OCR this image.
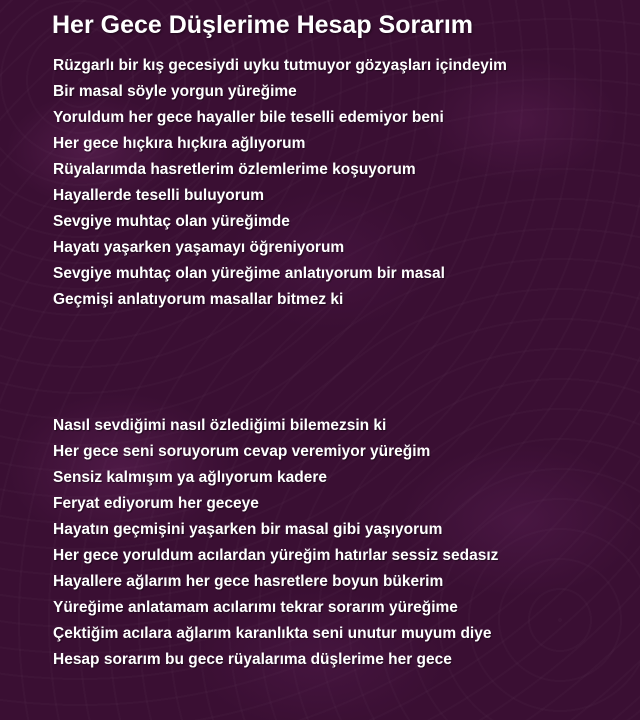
Her Gece Düşlerime Hesap Sorarım
Rüzgarlı bir kış gecesiydi uyku tutmuyor gözyaşları içindeyim
Bir masal söyle yorgun yüreğime
Yoruldum her gece hayaller bile teselli edemiyor beni
Her gece hıçkıra hıçkıra ağlıyorum
Rüyalarımda hasretlerim özlemlerime koşuyorum
Hayallerde teselli buluyorum
Sevgiye muhtaç olan yüreğimde
Hayatı yaşarken yaşamayı öğreniyorum
Sevgiye muhtaç olan yüreğime anlatıyorum bir masal
Geçmişi anlatıyorum masallar bitmez ki
Nasıl sevdiğimi nasıl özlediğimi bilemezsin ki
Her gece seni soruyorum cevap veremiyor yüreğim
Sensiz kalmışım ya ağlıyorum kadere
Feryat ediyorum her geceye
Hayatın geçmişini yaşarken bir masal gibi yaşıyorum
Her gece yoruldum acılardan yüreğim hatırlar sessiz sedasız
Hayallere ağlarım her gece hasretlere boyun bükerim
Yüreğime anlatamam acılarımı tekrar sorarım yüreğime
Çektiğim acılara ağlarım karanlıkta seni unutur muyum diye
Hesap sorarım bu gece rüyalarıma düşlerime her gece
